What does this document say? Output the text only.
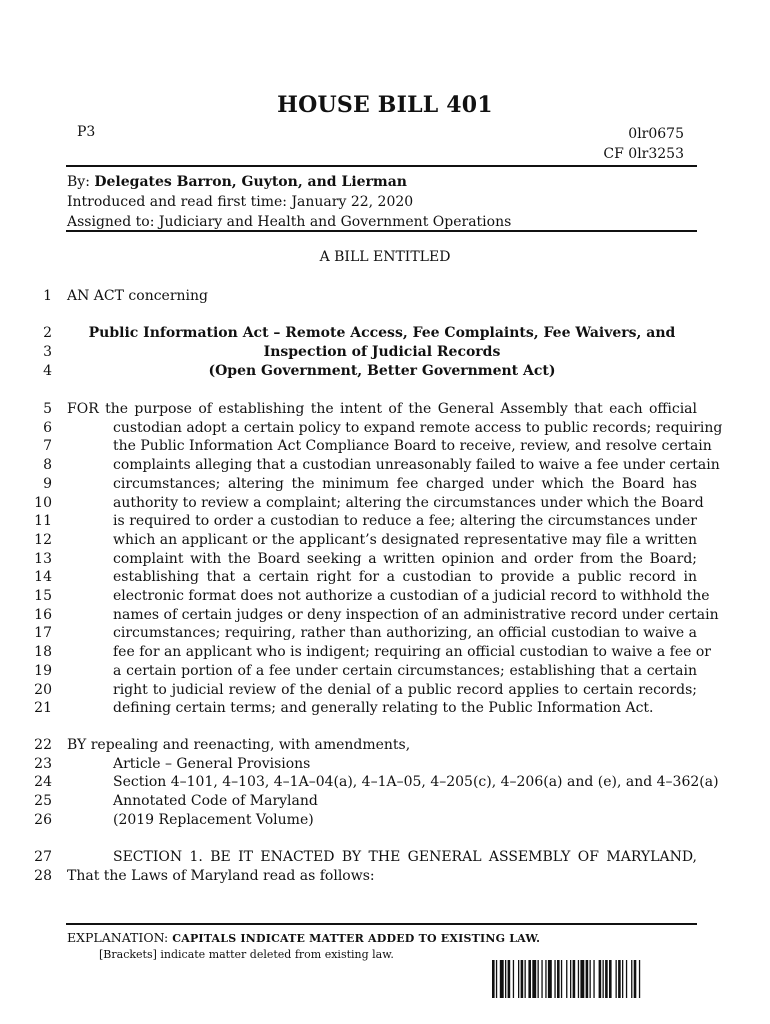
HOUSE BILL 401
P3	0lr0675
CF 0lr3253
By: Delegates Barron, Guyton, and Lierman
Introduced and read first time: January 22, 2020
Assigned to: Judiciary and Health and Government Operations
A BILL ENTITLED
1 AN ACT concerning
2	Public Information Act – Remote Access, Fee Complaints, Fee Waivers, and
3	Inspection of Judicial Records
4	(Open Government, Better Government Act)
5 FOR the purpose of establishing the intent of the General Assembly that each official
6	custodian adopt a certain policy to expand remote access to public records; requiring
7	the Public Information Act Compliance Board to receive, review, and resolve certain
8	complaints alleging that a custodian unreasonably failed to waive a fee under certain
9	circumstances; altering the minimum fee charged under which the Board has
10	authority to review a complaint; altering the circumstances under which the Board
11	is required to order a custodian to reduce a fee; altering the circumstances under
12	which an applicant or the applicant’s designated representative may file a written
13	complaint with the Board seeking a written opinion and order from the Board;
14	establishing that a certain right for a custodian to provide a public record in
15	electronic format does not authorize a custodian of a judicial record to withhold the
16	names of certain judges or deny inspection of an administrative record under certain
17	circumstances; requiring, rather than authorizing, an official custodian to waive a
18	fee for an applicant who is indigent; requiring an official custodian to waive a fee or
19	a certain portion of a fee under certain circumstances; establishing that a certain
20	right to judicial review of the denial of a public record applies to certain records;
21	defining certain terms; and generally relating to the Public Information Act.
22 BY repealing and reenacting, with amendments,
23	Article – General Provisions
24	Section 4–101, 4–103, 4–1A–04(a), 4–1A–05, 4–205(c), 4–206(a) and (e), and 4–362(a)
25	Annotated Code of Maryland
26	(2019 Replacement Volume)
27	SECTION 1. BE IT ENACTED BY THE GENERAL ASSEMBLY OF MARYLAND,
28 That the Laws of Maryland read as follows:
EXPLANATION: CAPITALS INDICATE MATTER ADDED TO EXISTING LAW.
[Brackets] indicate matter deleted from existing law.
